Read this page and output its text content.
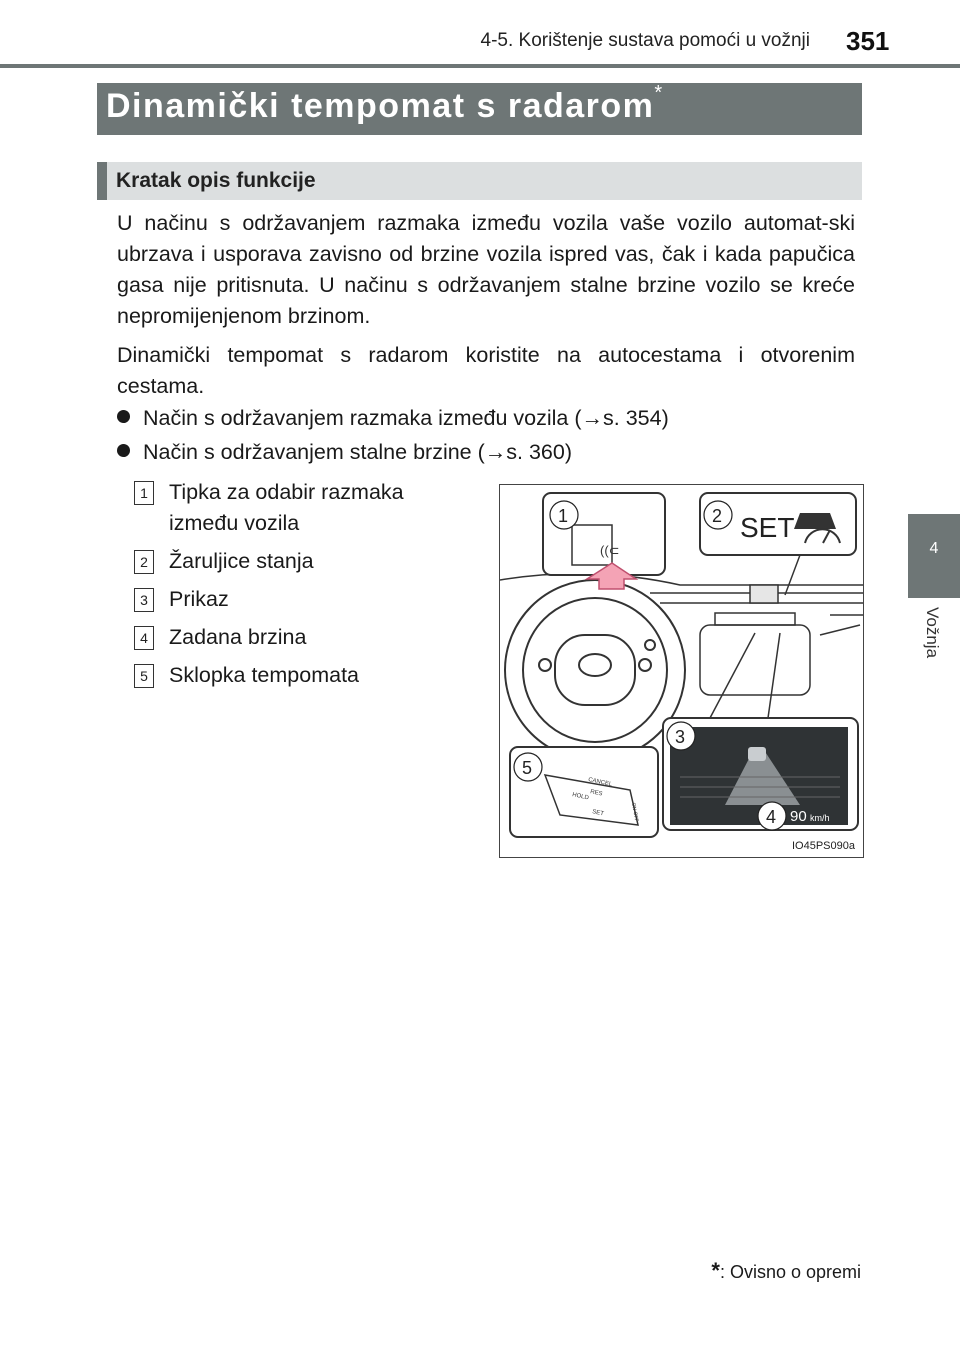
4-5. Korištenje sustava pomoći u vožnji 351
4
Vožnja
Dinamički tempomat s radarom*
Kratak opis funkcije
U načinu s održavanjem razmaka između vozila vaše vozilo automat-ski ubrzava i usporava zavisno od brzine vozila ispred vas, čak i kada papučica gasa nije pritisnuta. U načinu s održavanjem stalne brzine vozilo se kreće nepromijenjenom brzinom.
Dinamički tempomat s radarom koristite na autocestama i otvorenim cestama.
Način s održavanjem razmaka između vozila (→s. 354)
Način s održavanjem stalne brzine (→s. 360)
1 Tipka za odabir razmaka između vozila
2 Žaruljice stanja
3 Prikaz
4 Zadana brzina
5 Sklopka tempomata
((⊂
SET
90 km/h
CANCEL
RES
HOLD
SET	ON-OFF
1	2
3
4
5
IO45PS090a
*: Ovisno o opremi
